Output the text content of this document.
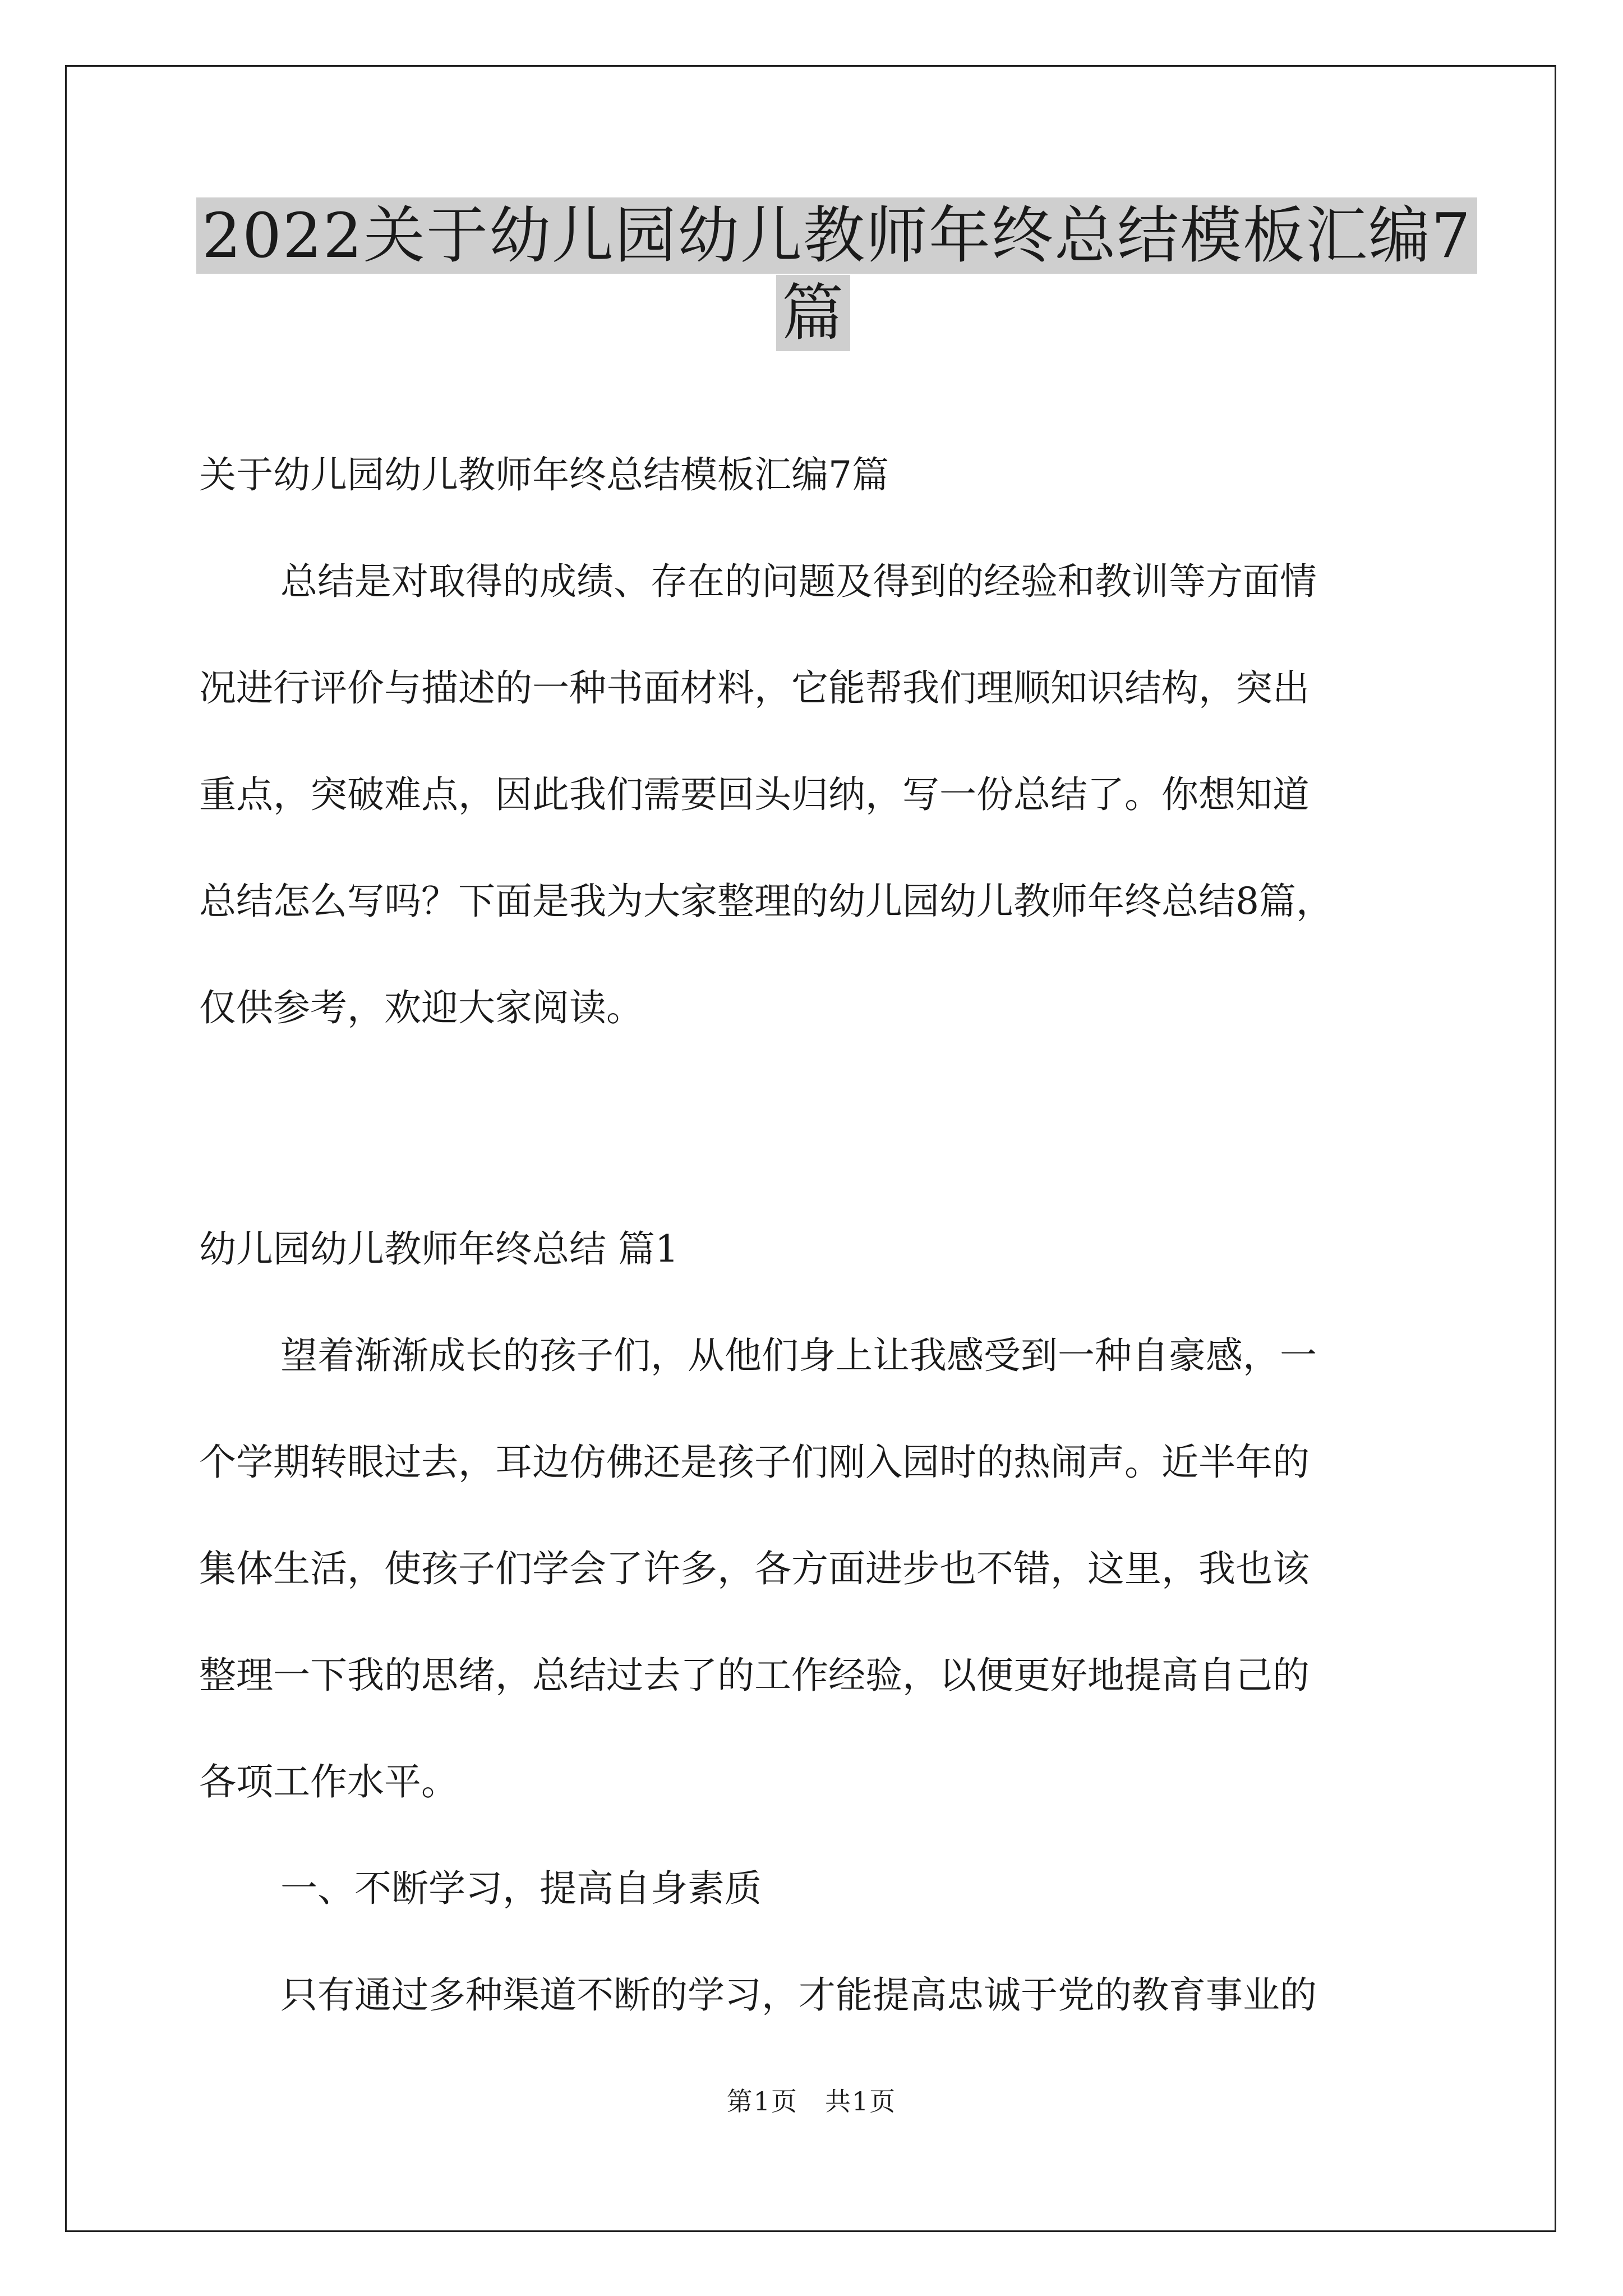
2022关于幼儿园幼儿教师年终总结模板汇编7
篇
关于幼儿园幼儿教师年终总结模板汇编7篇
总结是对取得的成绩、存在的问题及得到的经验和教训等方面情
况进行评价与描述的一种书面材料，它能帮我们理顺知识结构，突出
重点，突破难点，因此我们需要回头归纳，写一份总结了。你想知道
总结怎么写吗？下面是我为大家整理的幼儿园幼儿教师年终总结8篇，
仅供参考，欢迎大家阅读。
幼儿园幼儿教师年终总结 篇1
望着渐渐成长的孩子们，从他们身上让我感受到一种自豪感，一
个学期转眼过去，耳边仿佛还是孩子们刚入园时的热闹声。近半年的
集体生活，使孩子们学会了许多，各方面进步也不错，这里，我也该
整理一下我的思绪，总结过去了的工作经验，以便更好地提高自己的
各项工作水平。
一、不断学习，提高自身素质
只有通过多种渠道不断的学习，才能提高忠诚于党的教育事业的
第1页　共1页
